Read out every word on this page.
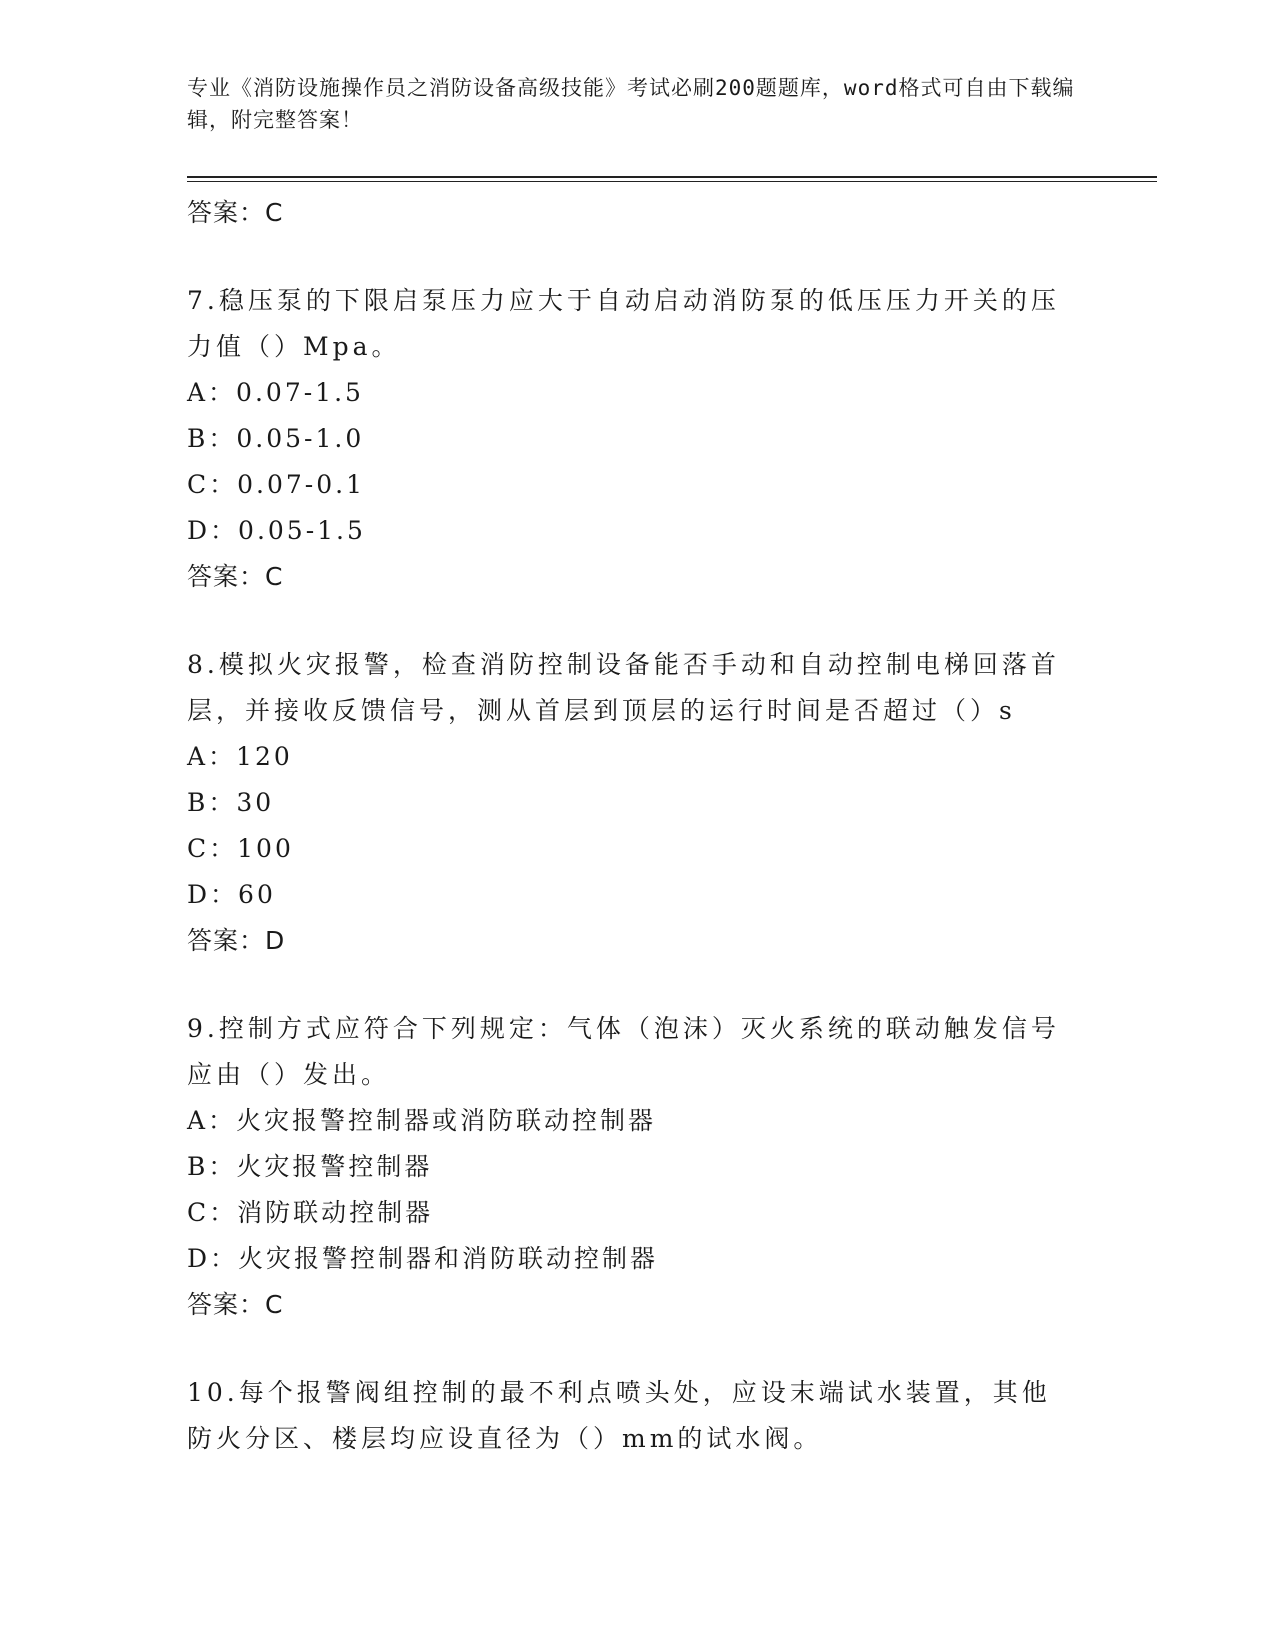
专业《消防设施操作员之消防设备高级技能》考试必刷200题题库，word格式可自由下载编辑，附完整答案！
答案：C
7.稳压泵的下限启泵压力应大于自动启动消防泵的低压压力开关的压力值（）Mpa。
A：0.07-1.5
B：0.05-1.0
C：0.07-0.1
D：0.05-1.5
答案：C
8.模拟火灾报警，检查消防控制设备能否手动和自动控制电梯回落首层，并接收反馈信号，测从首层到顶层的运行时间是否超过（）s
A：120
B：30
C：100
D：60
答案：D
9.控制方式应符合下列规定：气体（泡沫）灭火系统的联动触发信号应由（）发出。
A：火灾报警控制器或消防联动控制器
B：火灾报警控制器
C：消防联动控制器
D：火灾报警控制器和消防联动控制器
答案：C
10.每个报警阀组控制的最不利点喷头处，应设末端试水装置，其他防火分区、楼层均应设直径为（）mm的试水阀。
